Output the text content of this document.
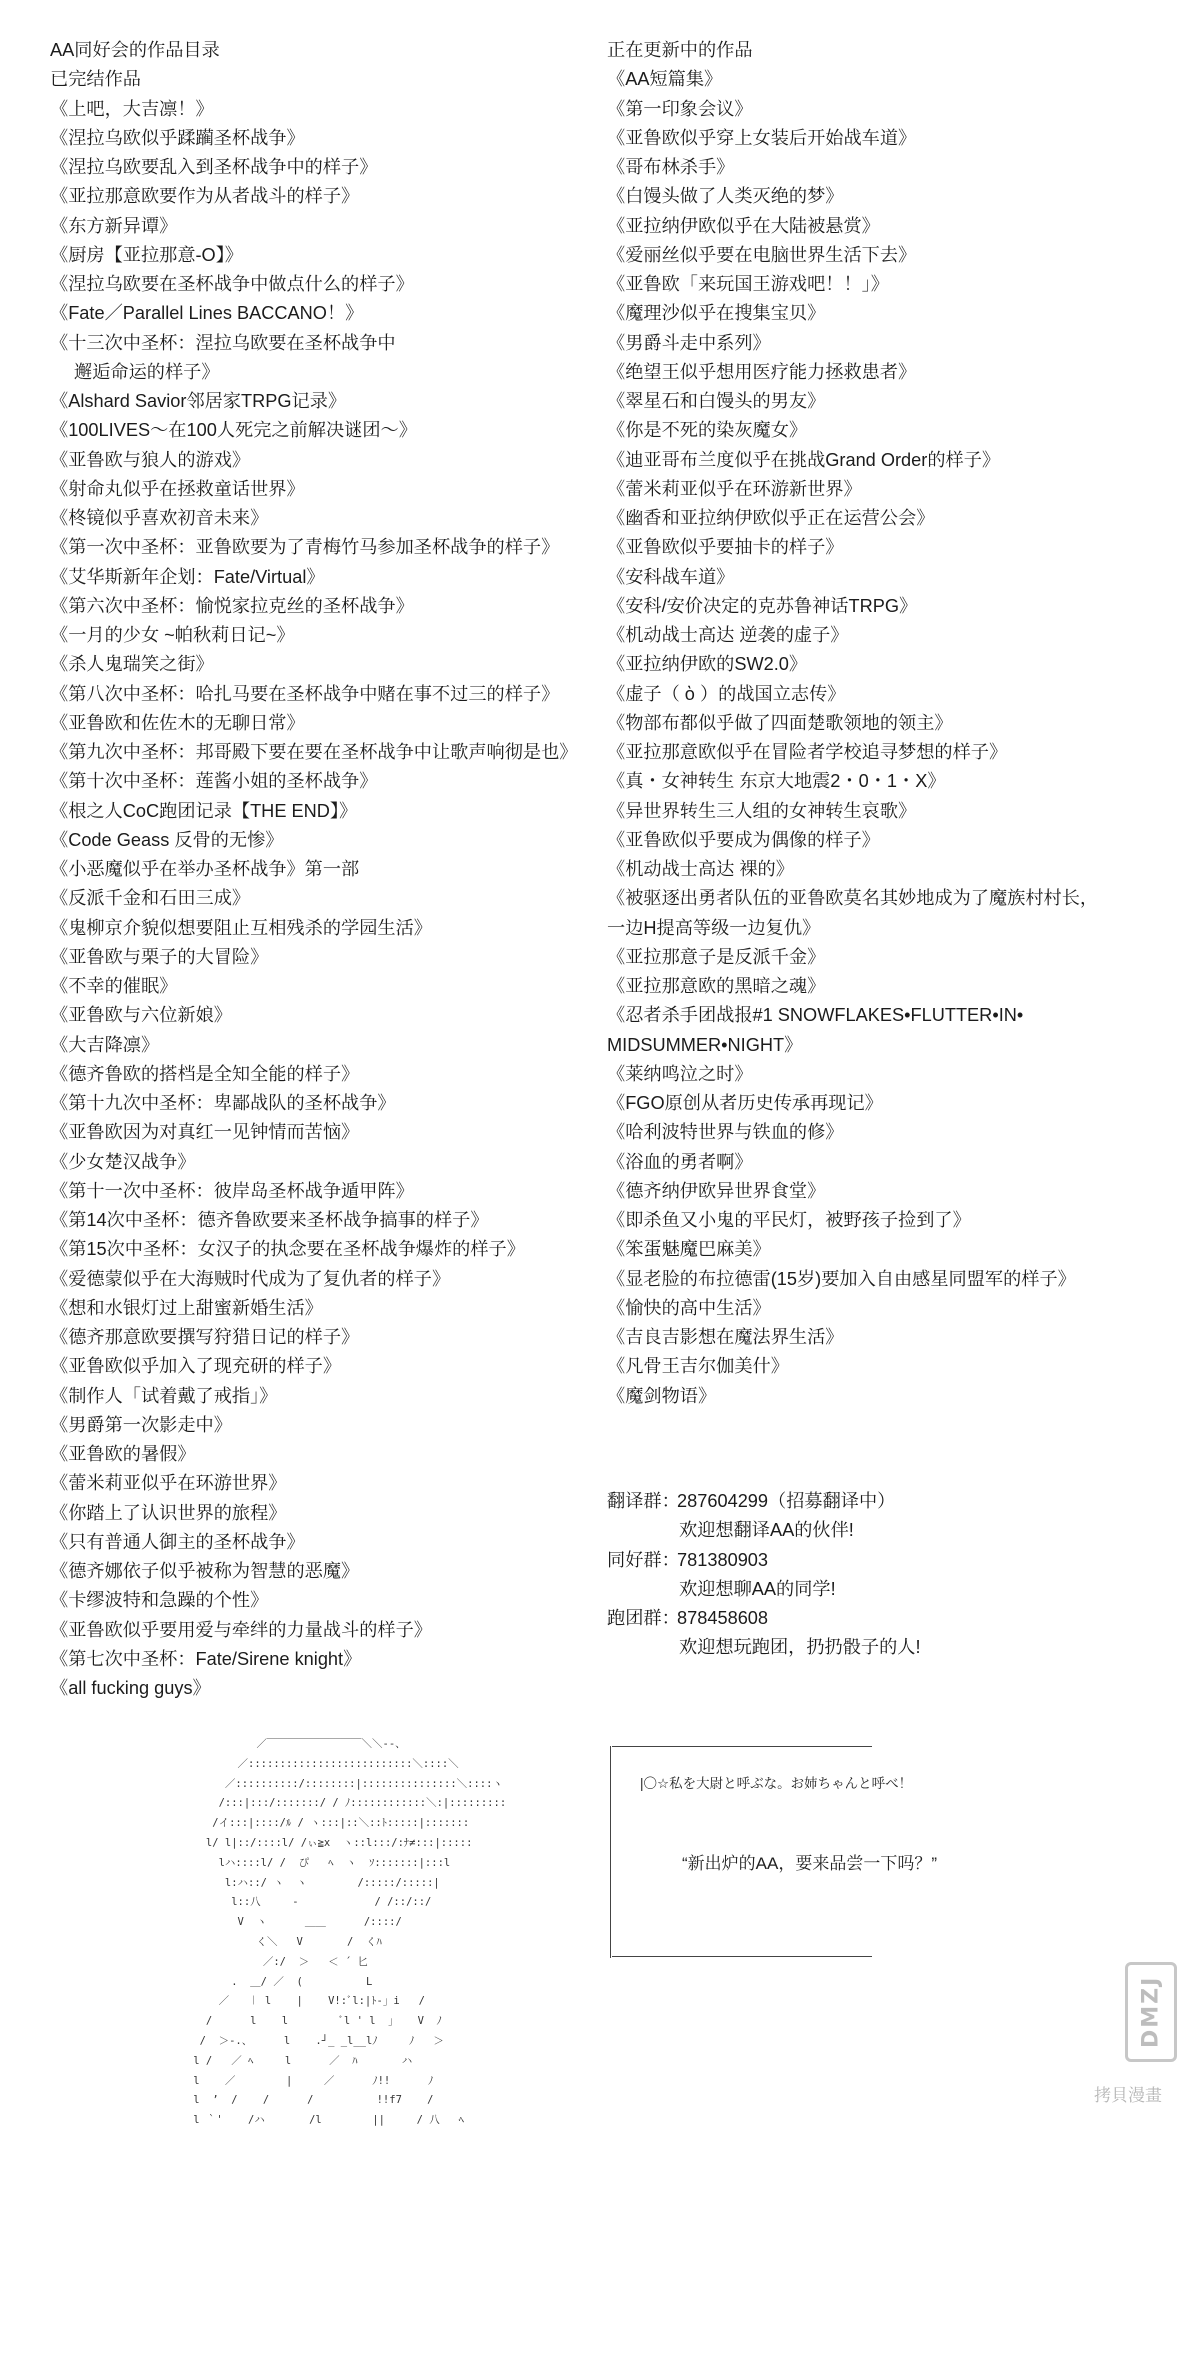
AA同好会的作品目录
已完结作品
《上吧，大吉凛！》
《涅拉乌欧似乎蹂躏圣杯战争》
《涅拉乌欧要乱入到圣杯战争中的样子》
《亚拉那意欧要作为从者战斗的样子》
《东方新异谭》
《厨房【亚拉那意-O】》
《涅拉乌欧要在圣杯战争中做点什么的样子》
《Fate／Parallel Lines BACCANO！》
《十三次中圣杯：涅拉乌欧要在圣杯战争中
邂逅命运的样子》
《Alshard Savior邻居家TRPG记录》
《100LIVES～在100人死完之前解决谜团～》
《亚鲁欧与狼人的游戏》
《射命丸似乎在拯救童话世界》
《柊镜似乎喜欢初音未来》
《第一次中圣杯：亚鲁欧要为了青梅竹马参加圣杯战争的样子》
《艾华斯新年企划：Fate/Virtual》
《第六次中圣杯：愉悦家拉克丝的圣杯战争》
《一月的少女 ~帕秋莉日记~》
《杀人鬼瑞笑之街》
《第八次中圣杯：哈扎马要在圣杯战争中赌在事不过三的样子》
《亚鲁欧和佐佐木的无聊日常》
《第九次中圣杯：邦哥殿下要在要在圣杯战争中让歌声响彻是也》
《第十次中圣杯：莲酱小姐的圣杯战争》
《根之人CoC跑团记录【THE END】》
《Code Geass 反骨的无惨》
《小恶魔似乎在举办圣杯战争》第一部
《反派千金和石田三成》
《鬼柳京介貌似想要阻止互相残杀的学园生活》
《亚鲁欧与栗子的大冒险》
《不幸的催眠》
《亚鲁欧与六位新娘》
《大吉降凛》
《德齐鲁欧的搭档是全知全能的样子》
《第十九次中圣杯：卑鄙战队的圣杯战争》
《亚鲁欧因为对真红一见钟情而苦恼》
《少女楚汉战争》
《第十一次中圣杯：彼岸岛圣杯战争遁甲阵》
《第14次中圣杯：德齐鲁欧要来圣杯战争搞事的样子》
《第15次中圣杯：女汉子的执念要在圣杯战争爆炸的样子》
《爱德蒙似乎在大海贼时代成为了复仇者的样子》
《想和水银灯过上甜蜜新婚生活》
《德齐那意欧要撰写狩猎日记的样子》
《亚鲁欧似乎加入了现充研的样子》
《制作人「试着戴了戒指」》
《男爵第一次影走中》
《亚鲁欧的暑假》
《蕾米莉亚似乎在环游世界》
《你踏上了认识世界的旅程》
《只有普通人御主的圣杯战争》
《德齐娜依子似乎被称为智慧的恶魔》
《卡缪波特和急躁的个性》
《亚鲁欧似乎要用爱与牵绊的力量战斗的样子》
《第七次中圣杯：Fate/Sirene knight》
《all fucking guys》
正在更新中的作品
《AA短篇集》
《第一印象会议》
《亚鲁欧似乎穿上女装后开始战车道》
《哥布林杀手》
《白馒头做了人类灭绝的梦》
《亚拉纳伊欧似乎在大陆被悬赏》
《爱丽丝似乎要在电脑世界生活下去》
《亚鲁欧「来玩国王游戏吧！！」》
《魔理沙似乎在搜集宝贝》
《男爵斗走中系列》
《绝望王似乎想用医疗能力拯救患者》
《翠星石和白馒头的男友》
《你是不死的染灰魔女》
《迪亚哥布兰度似乎在挑战Grand Order的样子》
《蕾米莉亚似乎在环游新世界》
《幽香和亚拉纳伊欧似乎正在运营公会》
《亚鲁欧似乎要抽卡的样子》
《安科战车道》
《安科/安价决定的克苏鲁神话TRPG》
《机动战士高达 逆袭的虚子》
《亚拉纳伊欧的SW2.0》
《虚子（ ὸ ）的战国立志传》
《物部布都似乎做了四面楚歌领地的领主》
《亚拉那意欧似乎在冒险者学校追寻梦想的样子》
《真・女神转生 东京大地震2・0・1・X》
《异世界转生三人组的女神转生哀歌》
《亚鲁欧似乎要成为偶像的样子》
《机动战士高达 裸的》
《被驱逐出勇者队伍的亚鲁欧莫名其妙地成为了魔族村村长，
一边H提高等级一边复仇》
《亚拉那意子是反派千金》
《亚拉那意欧的黑暗之魂》
《忍者杀手团战报#1 SNOWFLAKES•FLUTTER•IN•
MIDSUMMER•NIGHT》
《莱纳鸣泣之时》
《FGO原创从者历史传承再现记》
《哈利波特世界与铁血的修》
《浴血的勇者啊》
《德齐纳伊欧异世界食堂》
《即杀鱼又小鬼的平民灯，被野孩子捡到了》
《笨蛋魅魔巴麻美》
《显老脸的布拉德雷(15岁)要加入自由感星同盟军的样子》
《愉快的高中生活》
《吉良吉影想在魔法界生活》
《凡骨王吉尔伽美什》
《魔剑物语》
翻译群：287604299（招募翻译中）
欢迎想翻译AA的伙伴!
同好群：781380903
欢迎想聊AA的同学!
跑团群：878458608
欢迎想玩跑团，扔扔骰子的人!
／￣￣￣￣￣￣￣￣￣＼＼--、
／::::::::::::::::::::::::::＼::::＼
／::::::::::/::::::::|:::::::::::::::＼::::ヽ
/:::|:::/:::::::/ / ﾉ::::::::::::＼:|:::::::::
/イ:::|::::/ﾙ / ヽ:::|::＼::ﾄ:::::|:::::::
l/ l|::/::::l/ /ぃ≧x  ヽ::l:::/:ﾅ≠:::|:::::
lハ::::l/ /  ぴ   ﾍ  ヽ  ｿ:::::::|:::l
l:ハ::/ ヽ  ヽ        /:::::/:::::|
l::八     -            / /::/::/
V  ヽ      ＿＿      /::::/
く＼   V       /  くﾊ
／:/  ＞   ＜ ´ 匕
.  ＿/ ／  (          L
／   ︱ l    |    V!:ﾞl:|ﾄ-」i   /
/      l    l        ﾞl ' l  」   V  ﾉ
/  ＞-.、     l    .┘_ _l__lﾉ     ﾉ   ＞
l /   ／ ﾍ     l      ／  ﾊ       ハ
l    ／        |     ／      ﾉ!!      ﾉ
l  ’  /    /      /          !!f7    /
l ｀'    /ハ       /l        ||     / 八   ﾍ

|〇☆私を大尉と呼ぶな。お姉ちゃんと呼べ！
“新出炉的AA，要来品尝一下吗？”
DMZJ
拷貝漫畫
